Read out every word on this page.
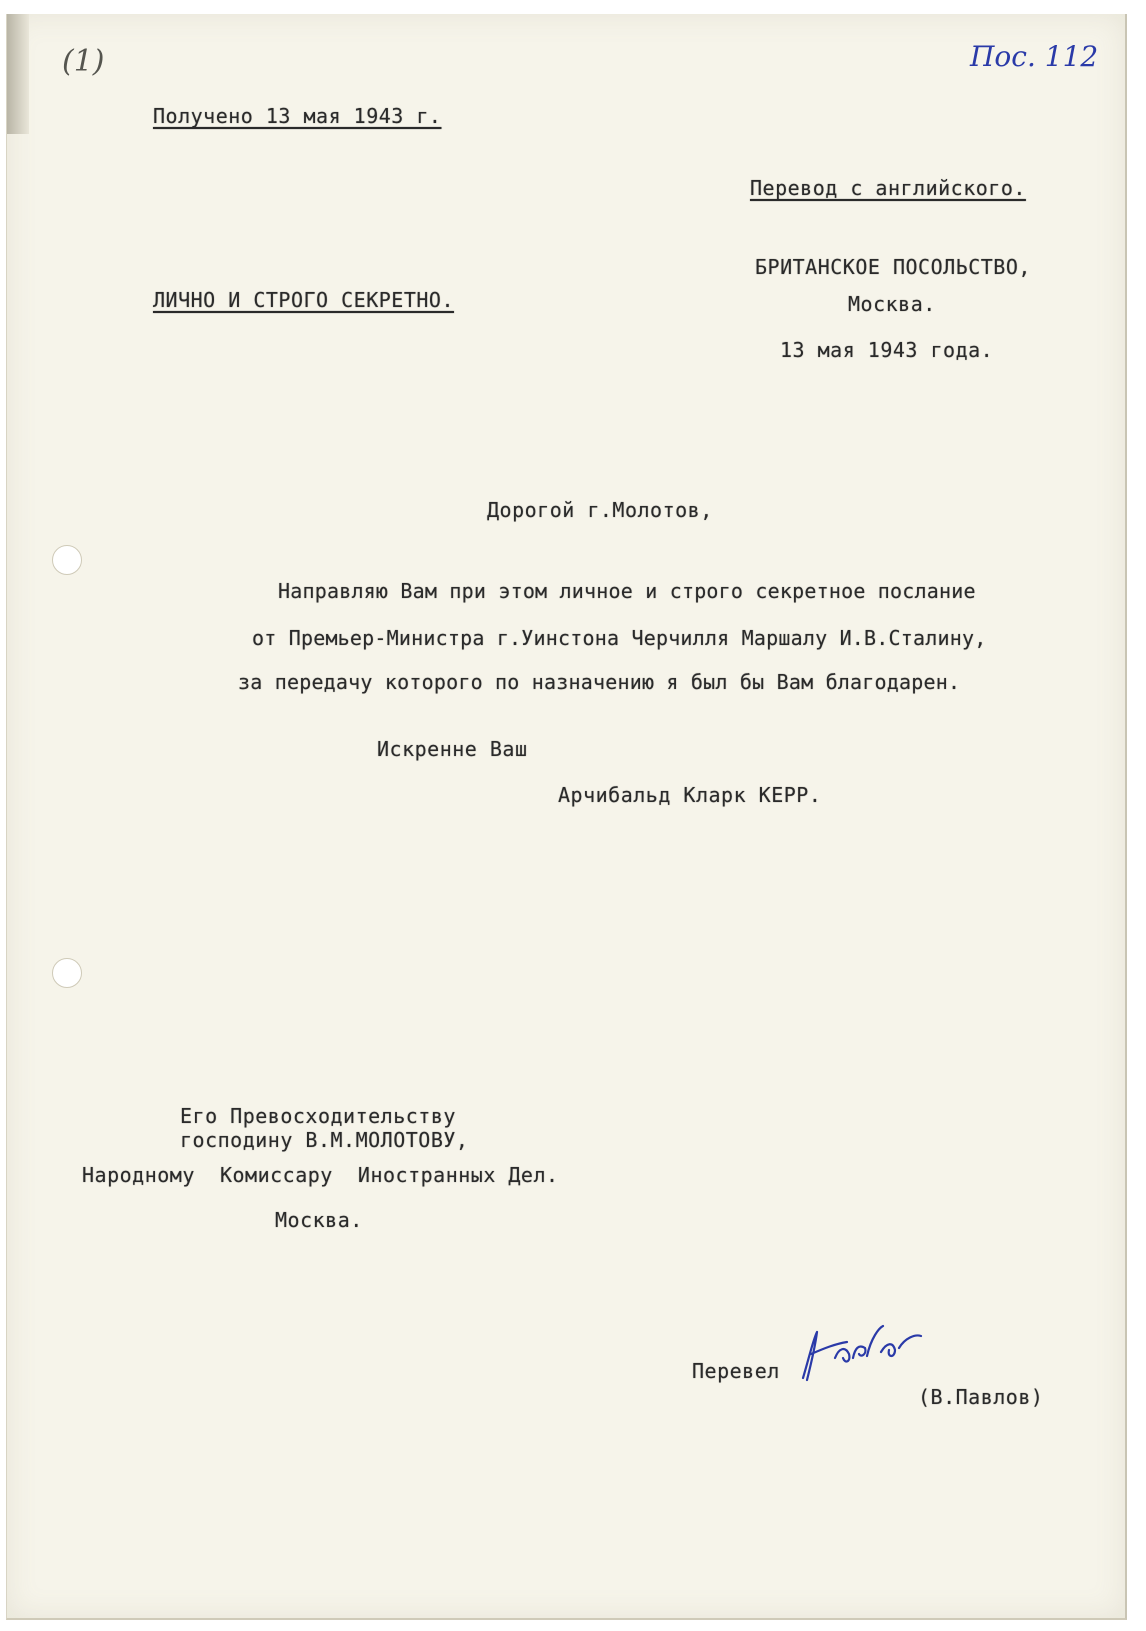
(1)	Пос. 112
Получено 13 мая 1943 г.
Перевод с английского.
ЛИЧНО И СТРОГО СЕКРЕТНО.
БРИТАНСКОЕ ПОСОЛЬСТВО,
Москва.
13 мая 1943 года.
Дорогой г.Молотов,
Направляю Вам при этом личное и строго секретное послание
от Премьер-Министра г.Уинстона Черчилля Маршалу И.В.Сталину,
за передачу которого по назначению я был бы Вам благодарен.
Искренне Ваш
Арчибальд Кларк КЕРР.
Его Превосходительству
господину В.М.МОЛОТОВУ,
Народному  Комиссару  Иностранных Дел.
Москва.
Перевел
(В.Павлов)
